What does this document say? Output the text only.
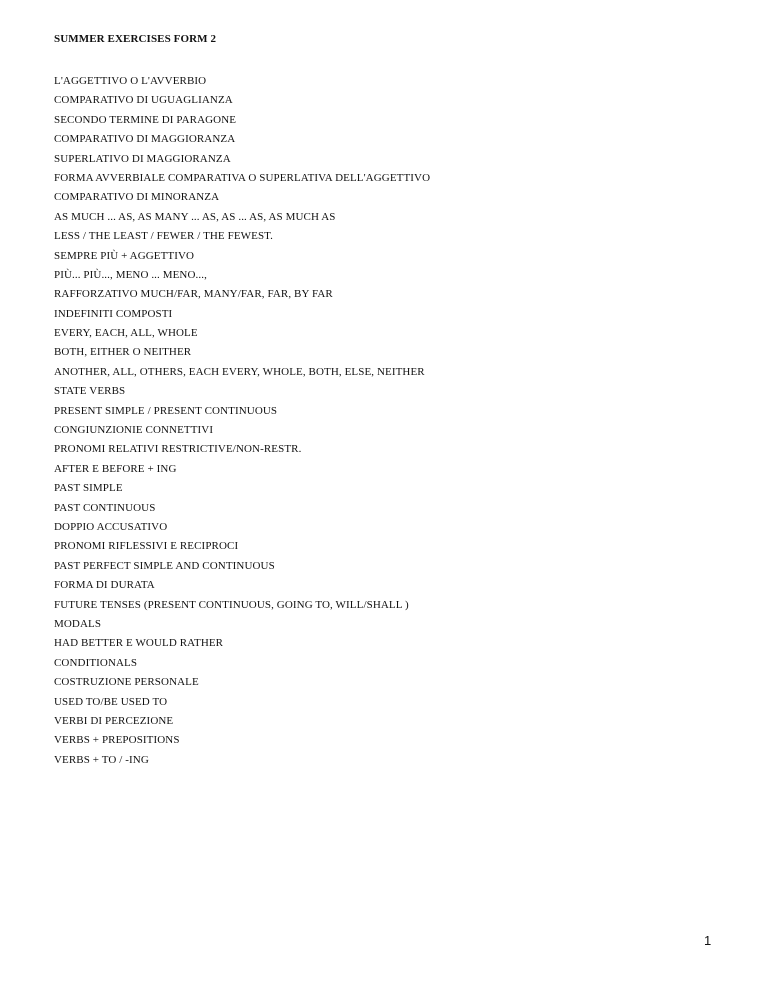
SUMMER EXERCISES FORM 2
L'AGGETTIVO O L'AVVERBIO
COMPARATIVO DI UGUAGLIANZA
SECONDO TERMINE DI PARAGONE
COMPARATIVO DI MAGGIORANZA
SUPERLATIVO DI MAGGIORANZA
FORMA AVVERBIALE COMPARATIVA O SUPERLATIVA DELL'AGGETTIVO
COMPARATIVO DI MINORANZA
AS MUCH ... AS, AS MANY ... AS, AS ... AS, AS MUCH AS
LESS / THE LEAST / FEWER / THE FEWEST.
SEMPRE PIÙ + AGGETTIVO
PIÙ... PIÙ..., MENO ... MENO...,
RAFFORZATIVO MUCH/FAR, MANY/FAR, FAR, BY FAR
INDEFINITI COMPOSTI
EVERY, EACH, ALL, WHOLE
BOTH, EITHER O NEITHER
ANOTHER, ALL, OTHERS, EACH EVERY, WHOLE, BOTH, ELSE, NEITHER
STATE VERBS
PRESENT SIMPLE / PRESENT CONTINUOUS
CONGIUNZIONIE CONNETTIVI
PRONOMI RELATIVI RESTRICTIVE/NON-RESTR.
AFTER E BEFORE + ING
PAST SIMPLE
PAST CONTINUOUS
DOPPIO ACCUSATIVO
PRONOMI RIFLESSIVI E RECIPROCI
PAST PERFECT SIMPLE AND CONTINUOUS
FORMA DI DURATA
FUTURE TENSES (PRESENT CONTINUOUS, GOING TO, WILL/SHALL )
MODALS
HAD BETTER E WOULD RATHER
CONDITIONALS
COSTRUZIONE PERSONALE
USED TO/BE USED TO
VERBI DI PERCEZIONE
VERBS + PREPOSITIONS
VERBS + TO / -ING
1
